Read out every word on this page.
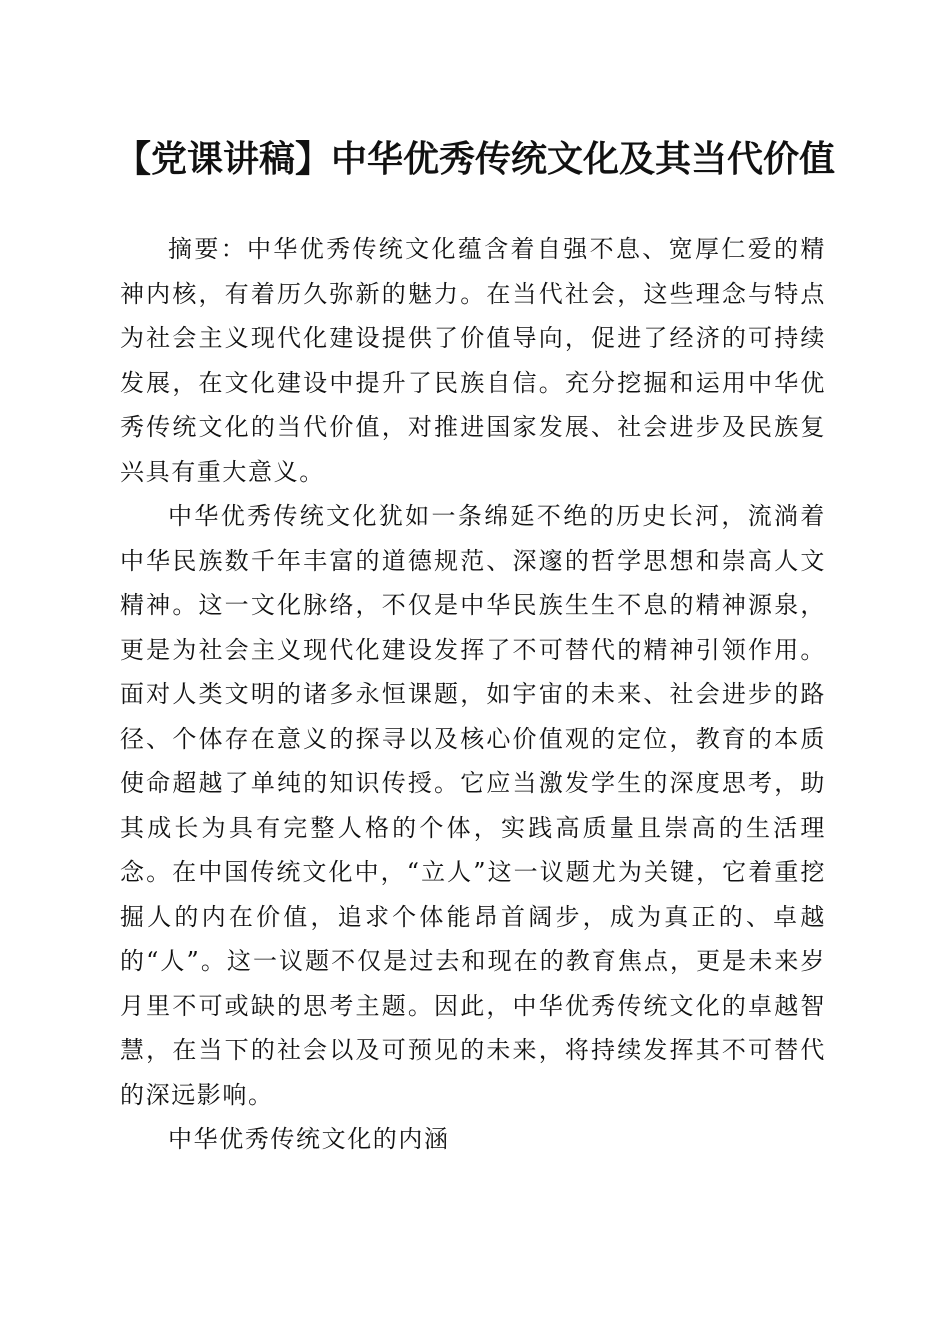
【党课讲稿】中华优秀传统文化及其当代价值

摘要：中华优秀传统文化蕴含着自强不息、宽厚仁爱的精神内核，有着历久弥新的魅力。在当代社会，这些理念与特点为社会主义现代化建设提供了价值导向，促进了经济的可持续发展，在文化建设中提升了民族自信。充分挖掘和运用中华优秀传统文化的当代价值，对推进国家发展、社会进步及民族复兴具有重大意义。

中华优秀传统文化犹如一条绵延不绝的历史长河，流淌着中华民族数千年丰富的道德规范、深邃的哲学思想和崇高人文精神。这一文化脉络，不仅是中华民族生生不息的精神源泉，更是为社会主义现代化建设发挥了不可替代的精神引领作用。面对人类文明的诸多永恒课题，如宇宙的未来、社会进步的路径、个体存在意义的探寻以及核心价值观的定位，教育的本质使命超越了单纯的知识传授。它应当激发学生的深度思考，助其成长为具有完整人格的个体，实践高质量且崇高的生活理念。在中国传统文化中，“立人”这一议题尤为关键，它着重挖掘人的内在价值，追求个体能昂首阔步，成为真正的、卓越的“人”。这一议题不仅是过去和现在的教育焦点，更是未来岁月里不可或缺的思考主题。因此，中华优秀传统文化的卓越智慧，在当下的社会以及可预见的未来，将持续发挥其不可替代的深远影响。

中华优秀传统文化的内涵
